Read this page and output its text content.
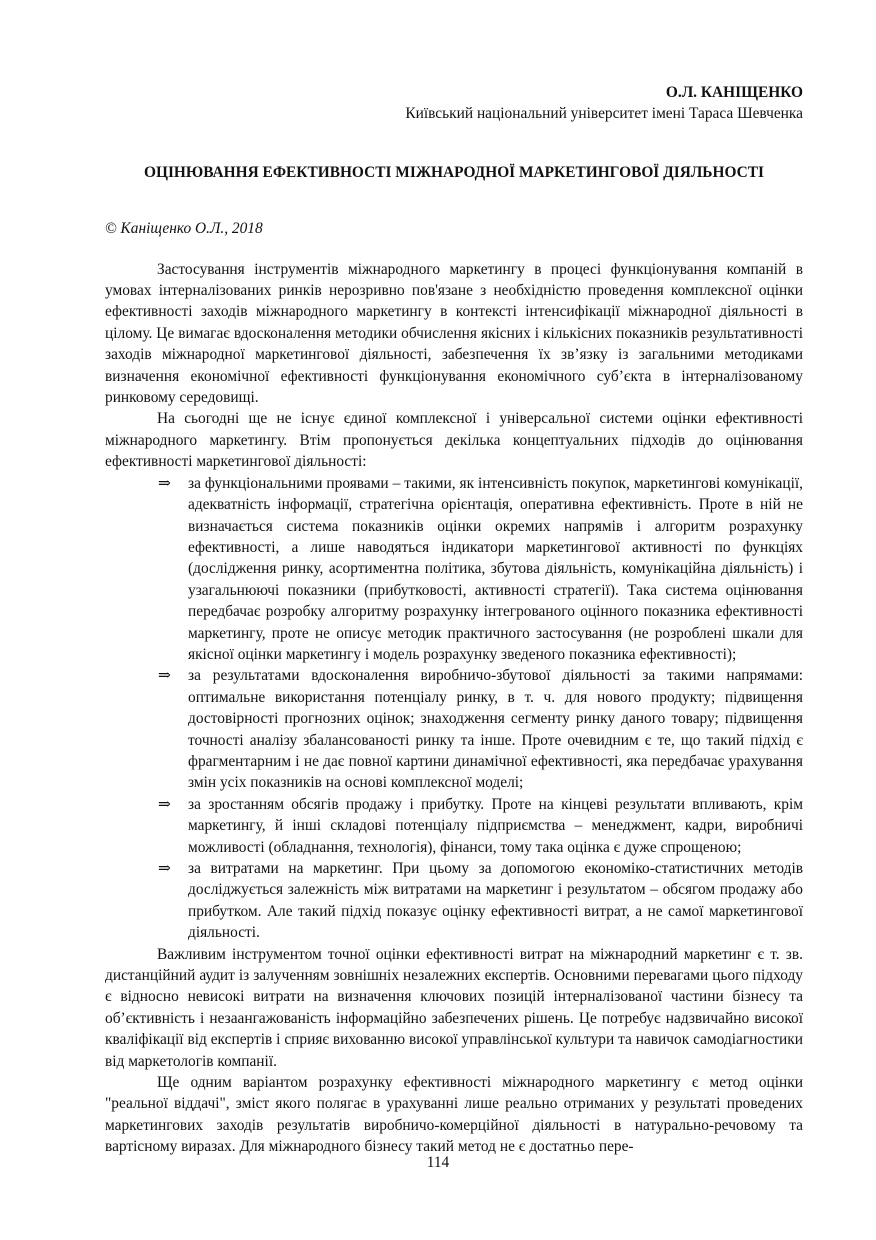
О.Л. КАНІЩЕНКО
Київський національний університет імені Тараса Шевченка
ОЦІНЮВАННЯ ЕФЕКТИВНОСТІ МІЖНАРОДНОЇ МАРКЕТИНГОВОЇ ДІЯЛЬНОСТІ
© Каніщенко О.Л., 2018

Застосування інструментів міжнародного маркетингу в процесі функціонування компаній в умовах інтерналізованих ринків нерозривно пов'язане з необхідністю проведення комплексної оцінки ефективності заходів міжнародного маркетингу в контексті інтенсифікації міжнародної діяльності в цілому. Це вимагає вдосконалення методики обчислення якісних і кількісних показників результативності заходів міжнародної маркетингової діяльності, забезпечення їх зв’язку із загальними методиками визначення економічної ефективності функціонування економічного суб’єкта в інтерналізованому ринковому середовищі.

На сьогодні ще не існує єдиної комплексної і універсальної системи оцінки ефективності міжнародного маркетингу. Втім пропонується декілька концептуальних підходів до оцінювання ефективності маркетингової діяльності:

⇒ за функціональними проявами – такими, як інтенсивність покупок, маркетингові комунікації, адекватність інформації, стратегічна орієнтація, оперативна ефективність. Проте в ній не визначається система показників оцінки окремих напрямів і алгоритм розрахунку ефективності, а лише наводяться індикатори маркетингової активності по функціях (дослідження ринку, асортиментна політика, збутова діяльність, комунікаційна діяльність) і узагальнюючі показники (прибутковості, активності стратегії). Така система оцінювання передбачає розробку алгоритму розрахунку інтегрованого оцінного показника ефективності маркетингу, проте не описує методик практичного застосування (не розроблені шкали для якісної оцінки маркетингу і модель розрахунку зведеного показника ефективності);
⇒ за результатами вдосконалення виробничо-збутової діяльності за такими напрямами: оптимальне використання потенціалу ринку, в т. ч. для нового продукту; підвищення достовірності прогнозних оцінок; знаходження сегменту ринку даного товару; підвищення точності аналізу збалансованості ринку та інше. Проте очевидним є те, що такий підхід є фрагментарним і не дає повної картини динамічної ефективності, яка передбачає урахування змін усіх показників на основі комплексної моделі;
⇒ за зростанням обсягів продажу і прибутку. Проте на кінцеві результати впливають, крім маркетингу, й інші складові потенціалу підприємства – менеджмент, кадри, виробничі можливості (обладнання, технологія), фінанси, тому така оцінка є дуже спрощеною;
⇒ за витратами на маркетинг. При цьому за допомогою економіко-статистичних методів досліджується залежність між витратами на маркетинг і результатом – обсягом продажу або прибутком. Але такий підхід показує оцінку ефективності витрат, а не самої маркетингової діяльності.

Важливим інструментом точної оцінки ефективності витрат на міжнародний маркетинг є т. зв. дистанційний аудит із залученням зовнішніх незалежних експертів. Основними перевагами цього підходу є відносно невисокі витрати на визначення ключових позицій інтерналізованої частини бізнесу та об’єктивність і незаангажованість інформаційно забезпечених рішень. Це потребує надзвичайно високої кваліфікації від експертів і сприяє вихованню високої управлінської культури та навичок самодіагностики від маркетологів компанії.

Ще одним варіантом розрахунку ефективності міжнародного маркетингу є метод оцінки "реальної віддачі", зміст якого полягає в урахуванні лише реально отриманих у результаті проведених маркетингових заходів результатів виробничо-комерційної діяльності в натурально-речовому та вартісному виразах. Для міжнародного бізнесу такий метод не є достатньо пере-

114
